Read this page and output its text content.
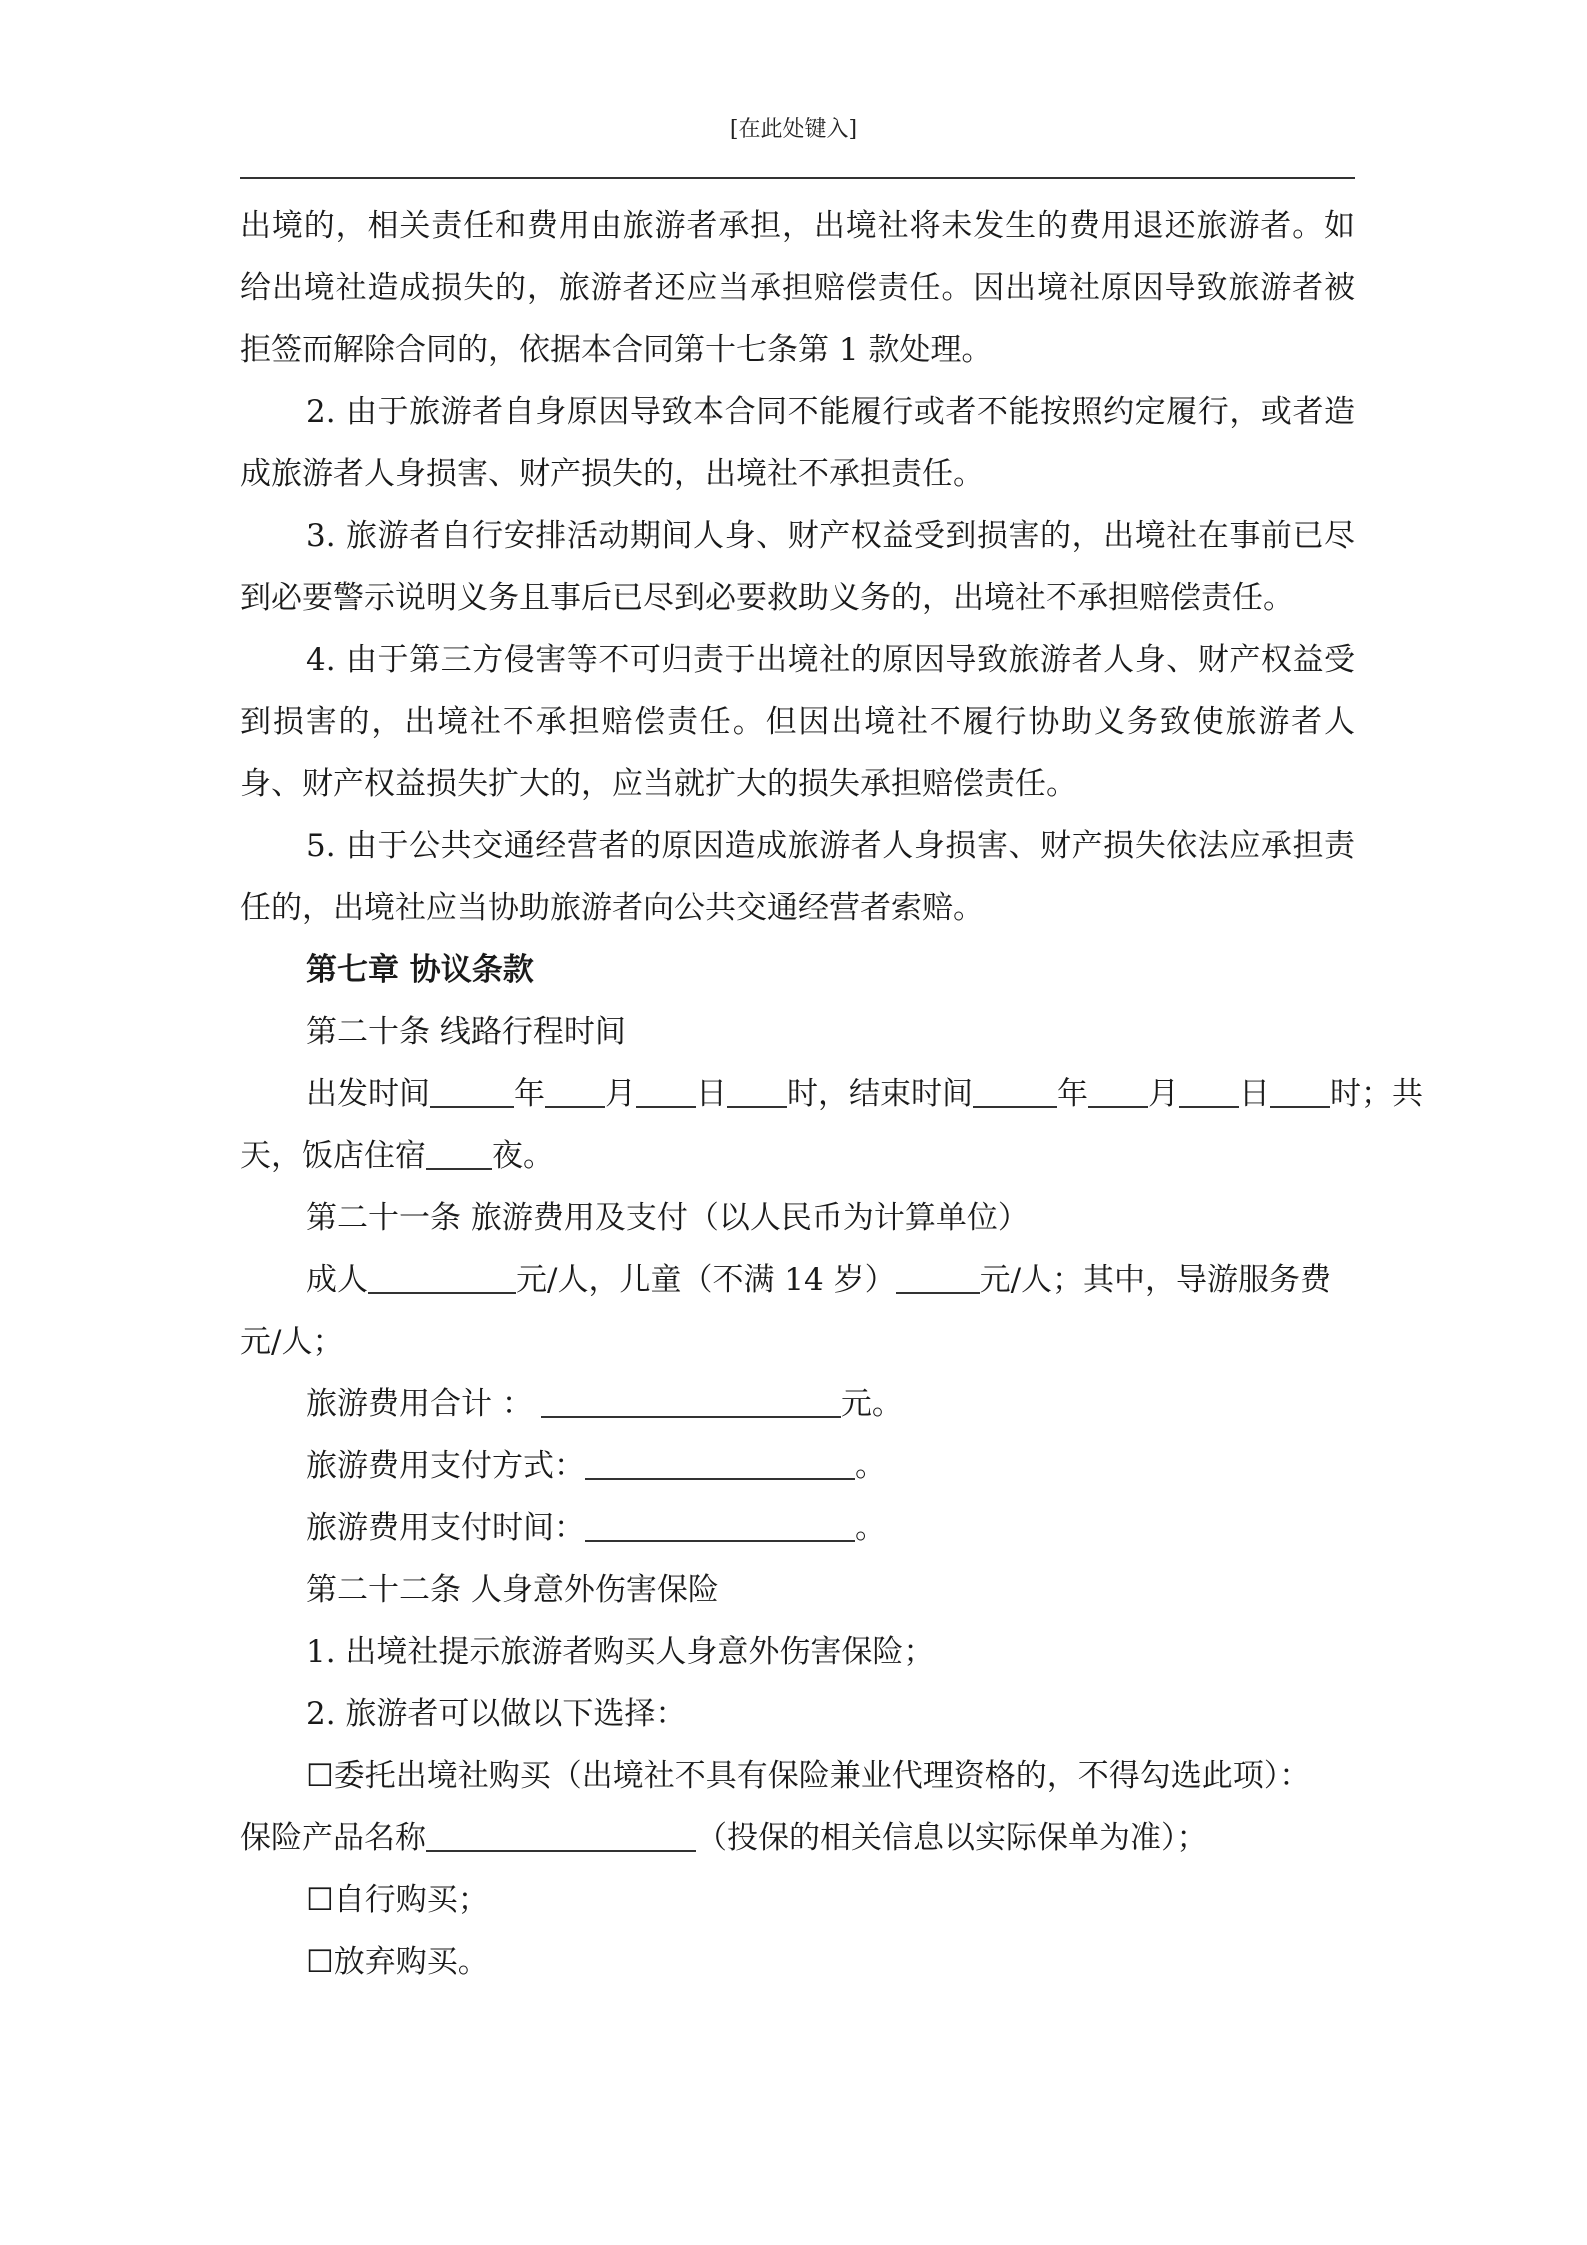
[在此处键入]

出境的，相关责任和费用由旅游者承担，出境社将未发生的费用退还旅游者。如给出境社造成损失的，旅游者还应当承担赔偿责任。因出境社原因导致旅游者被拒签而解除合同的，依据本合同第十七条第 1 款处理。

2. 由于旅游者自身原因导致本合同不能履行或者不能按照约定履行，或者造成旅游者人身损害、财产损失的，出境社不承担责任。

3. 旅游者自行安排活动期间人身、财产权益受到损害的，出境社在事前已尽到必要警示说明义务且事后已尽到必要救助义务的，出境社不承担赔偿责任。

4. 由于第三方侵害等不可归责于出境社的原因导致旅游者人身、财产权益受到损害的，出境社不承担赔偿责任。但因出境社不履行协助义务致使旅游者人身、财产权益损失扩大的，应当就扩大的损失承担赔偿责任。

5. 由于公共交通经营者的原因造成旅游者人身损害、财产损失依法应承担责任的，出境社应当协助旅游者向公共交通经营者索赔。

第七章 协议条款

第二十条 线路行程时间

出发时间	年 月 日 时，结束时间	年 月 日 时；共

天，饭店住宿 夜。

第二十一条 旅游费用及支付（以人民币为计算单位）

成人	元/人，儿童（不满 14 岁）	元/人；其中，导游服务费

元/人；

旅游费用合计 ：	元。

旅游费用支付方式：	。

旅游费用支付时间：	。

第二十二条 人身意外伤害保险

1. 出境社提示旅游者购买人身意外伤害保险；

2. 旅游者可以做以下选择：

☐委托出境社购买（出境社不具有保险兼业代理资格的，不得勾选此项）：

保险产品名称	（投保的相关信息以实际保单为准）；

☐自行购买；

☐放弃购买。
